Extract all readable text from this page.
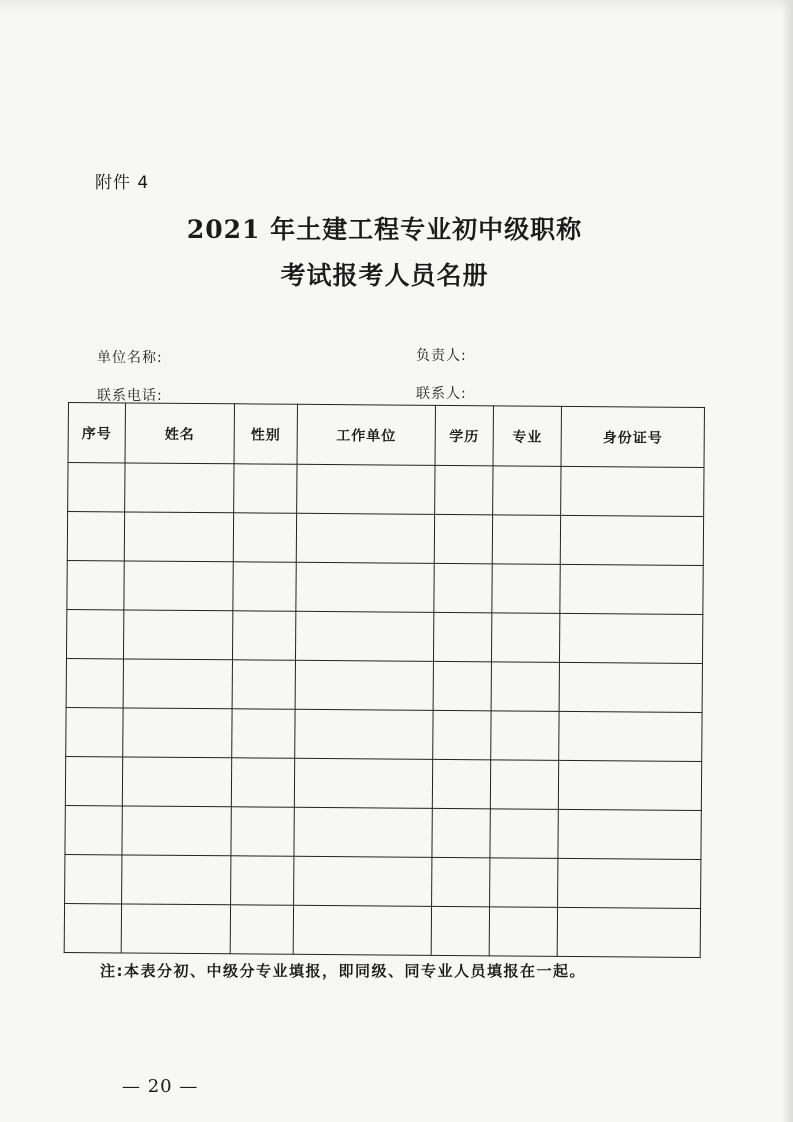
附件 4
2021 年土建工程专业初中级职称
考试报考人员名册
单位名称:	负责人:
联系电话:	联系人:
序号	姓名	性别	工作单位	学历	专业	身份证号

注:本表分初、中级分专业填报，即同级、同专业人员填报在一起。
— 20 —
